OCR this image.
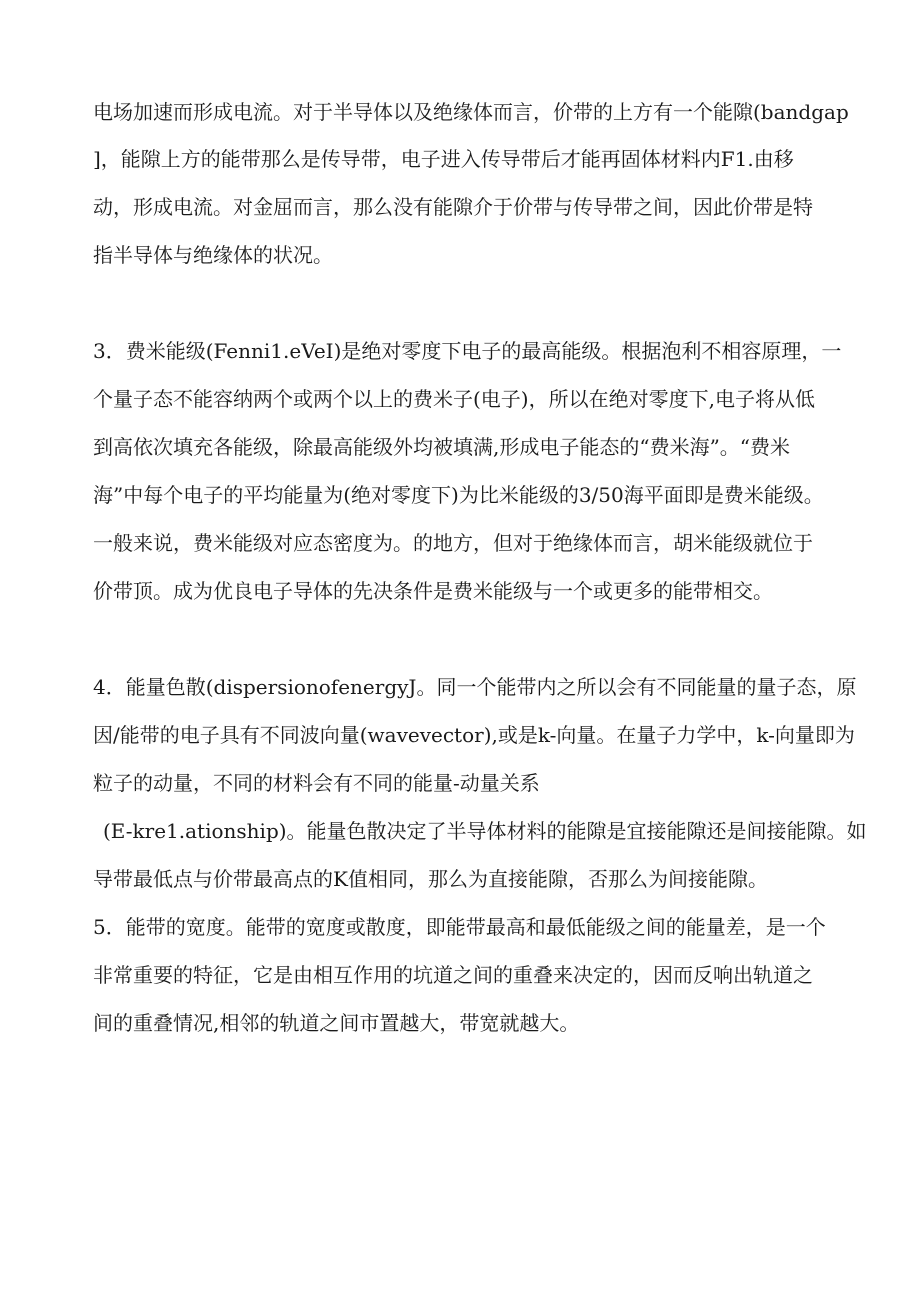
电场加速而形成电流。对于半导体以及绝缘体而言，价带的上方有一个能隙(bandgap

]，能隙上方的能带那么是传导带，电子进入传导带后才能再固体材料内F1.由移

动，形成电流。对金屈而言，那么没有能隙介于价带与传导带之间，因此价带是特

指半导体与绝缘体的状况。

3．费米能级(Fenni1.eVeI)是绝对零度下电子的最高能级。根据泡利不相容原理，一

个量子态不能容纳两个或两个以上的费米子(电子)，所以在绝对零度下,电子将从低

到高依次填充各能级，除最高能级外均被填满,形成电子能态的“费米海”。“费米

海”中每个电子的平均能量为(绝对零度下)为比米能级的3/50海平面即是费米能级。

一般来说，费米能级对应态密度为。的地方，但对于绝缘体而言，胡米能级就位于

价带顶。成为优良电子导体的先决条件是费米能级与一个或更多的能带相交。

4．能量色散(dispersionofenergyJ。同一个能带内之所以会有不同能量的量子态，原

因/能带的电子具有不同波向量(wavevector),或是k-向量。在量子力学中，k-向量即为

粒子的动量，不同的材料会有不同的能量-动量关系

(E-kre1.ationship)。能量色散决定了半导体材料的能隙是宜接能隙还是间接能隙。如

导带最低点与价带最高点的K值相同，那么为直接能隙，否那么为间接能隙。

5．能带的宽度。能带的宽度或散度，即能带最高和最低能级之间的能量差，是一个

非常重要的特征，它是由相互作用的坑道之间的重叠来决定的，因而反响出轨道之

间的重叠情况,相邻的轨道之间市置越大，带宽就越大。
